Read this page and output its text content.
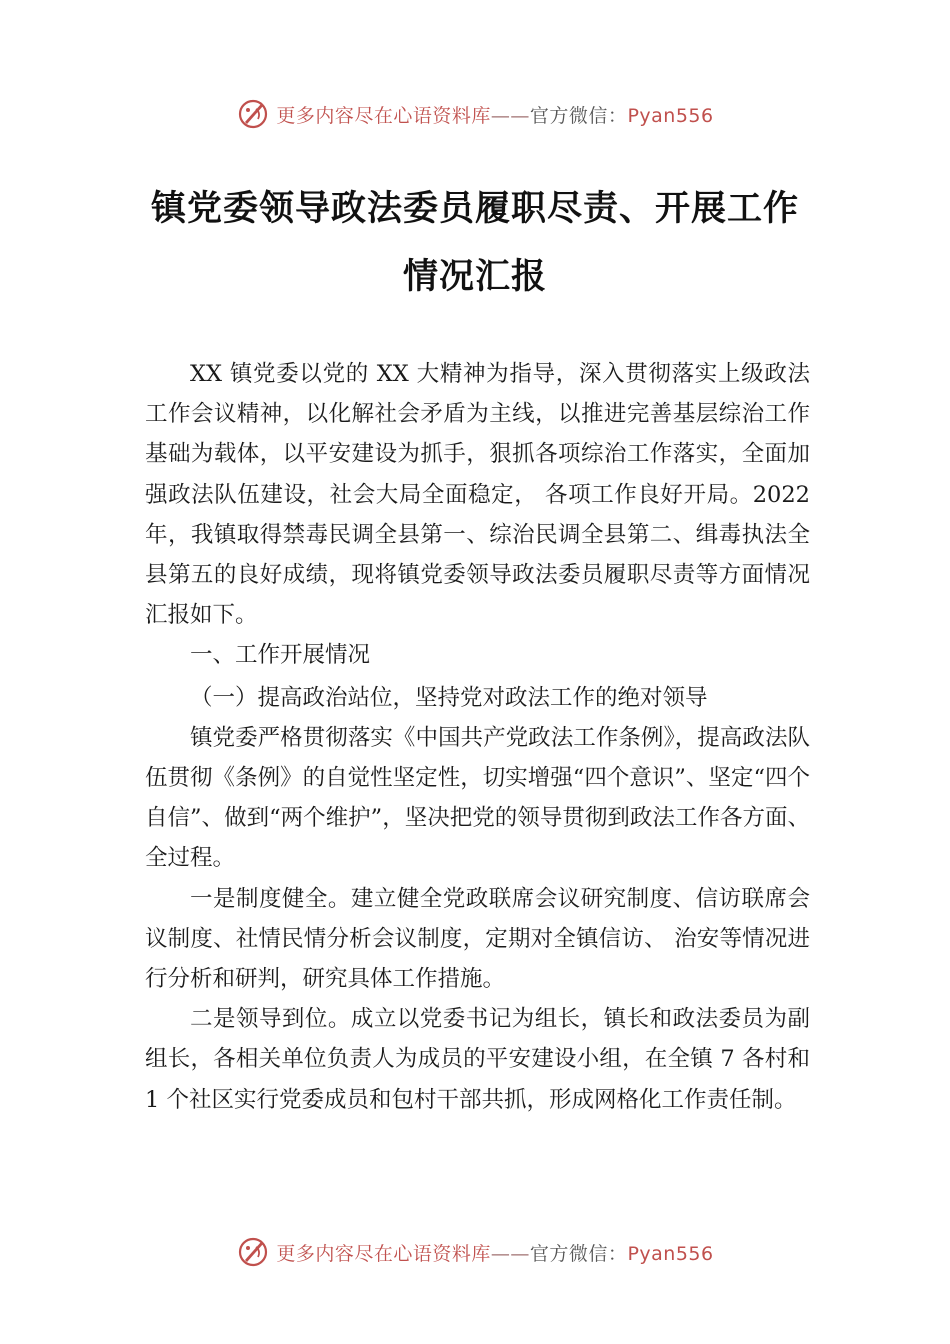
更多内容尽在心语资料库——官方微信：Pyan556
镇党委领导政法委员履职尽责、开展工作
情况汇报

XX 镇党委以党的 XX 大精神为指导，深入贯彻落实上级政法工作会议精神，以化解社会矛盾为主线，以推进完善基层综治工作基础为载体，以平安建设为抓手，狠抓各项综治工作落实，全面加强政法队伍建设，社会大局全面稳定， 各项工作良好开局。2022 年，我镇取得禁毒民调全县第一、综治民调全县第二、缉毒执法全县第五的良好成绩，现将镇党委领导政法委员履职尽责等方面情况汇报如下。

一、工作开展情况

（一）提高政治站位，坚持党对政法工作的绝对领导

镇党委严格贯彻落实《中国共产党政法工作条例》，提高政法队伍贯彻《条例》的自觉性坚定性，切实增强“四个意识”、坚定“四个自信”、做到“两个维护”，坚决把党的领导贯彻到政法工作各方面、全过程。

一是制度健全。建立健全党政联席会议研究制度、信访联席会议制度、社情民情分析会议制度，定期对全镇信访、 治安等情况进行分析和研判，研究具体工作措施。

二是领导到位。成立以党委书记为组长，镇长和政法委员为副组长，各相关单位负责人为成员的平安建设小组，在全镇 7 各村和 1 个社区实行党委成员和包村干部共抓，形成网格化工作责任制。

更多内容尽在心语资料库——官方微信：Pyan556
